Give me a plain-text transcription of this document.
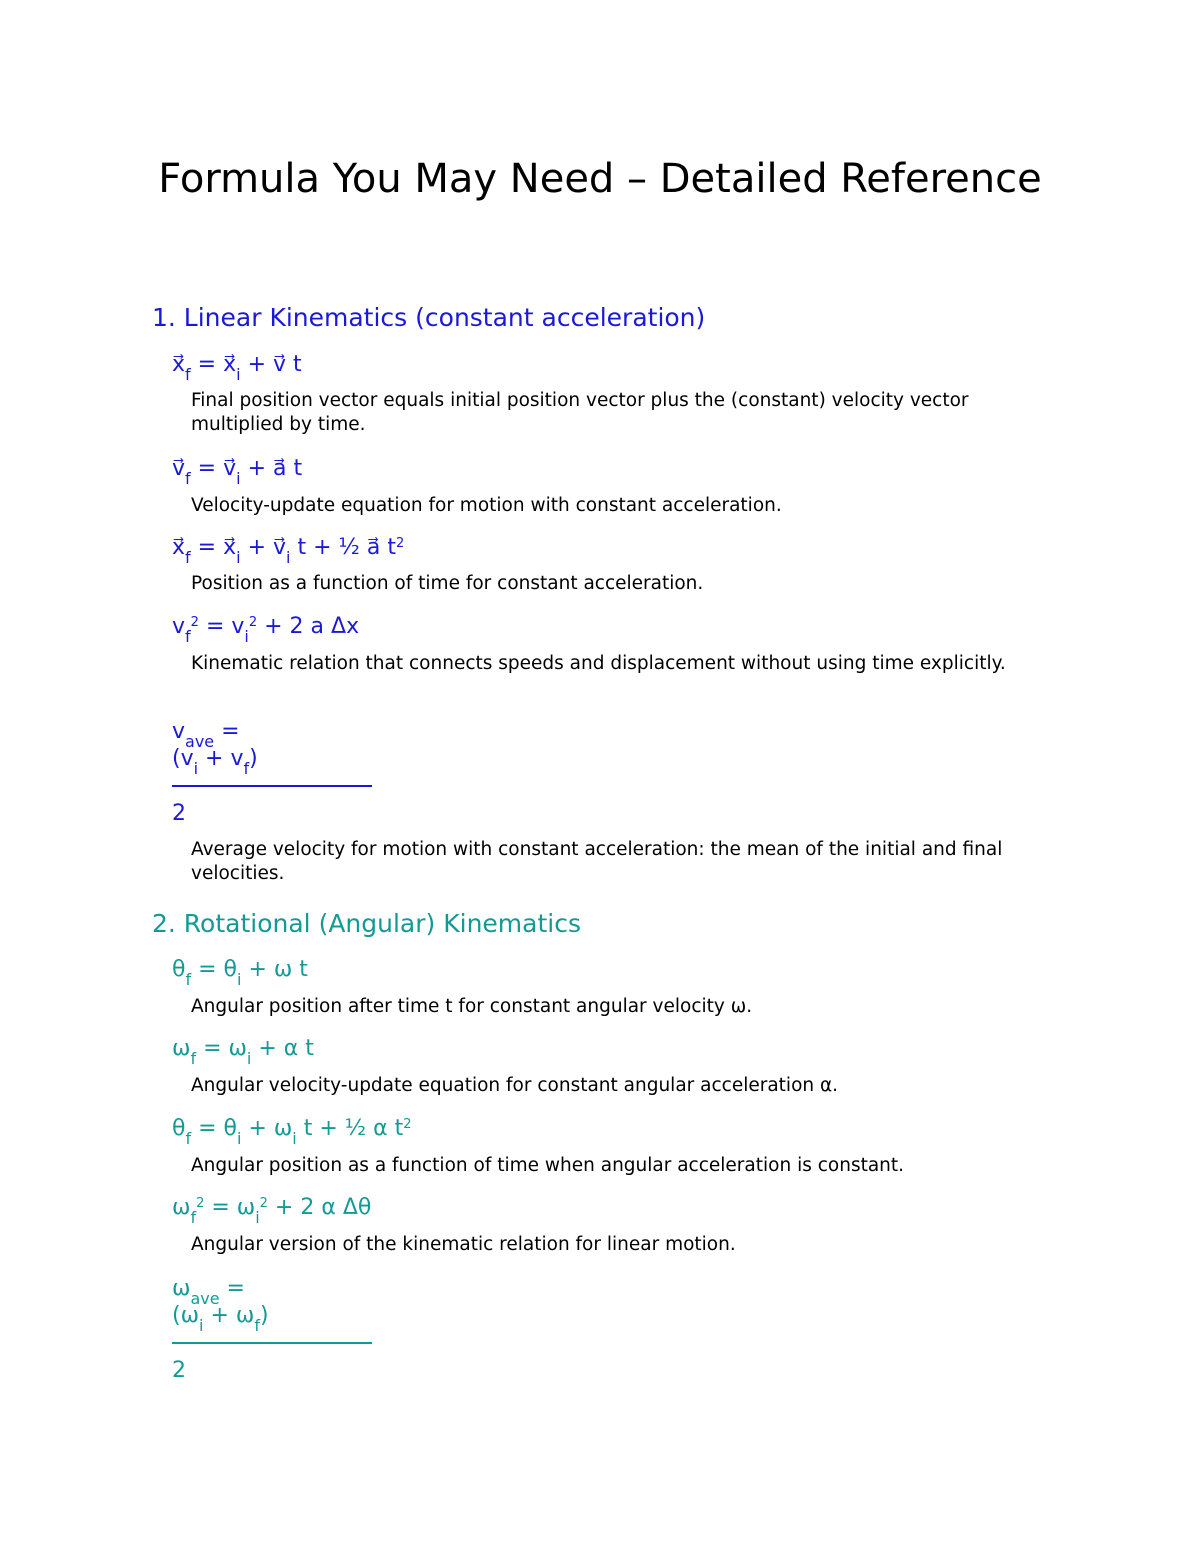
Formula You May Need – Detailed Reference
1. Linear Kinematics (constant acceleration)
$x⃗_f$ = $x⃗_i$ + v⃗ t
Final position vector equals initial position vector plus the (constant) velocity vector multiplied by time.
$v⃗_f$ = $v⃗_i$ + a⃗ t
Velocity-update equation for motion with constant acceleration.
$x⃗_f$ = $x⃗_i$ + $v⃗_i$ t + ½ a⃗ $t^2$
Position as a function of time for constant acceleration.
$v_f^2 = v_i^2 + 2$ a Δx
Kinematic relation that connects speeds and displacement without using time explicitly.
$v_{ave}$ =
$(v_i + v_f)$
2
Average velocity for motion with constant acceleration: the mean of the initial and final velocities.
2. Rotational (Angular) Kinematics
$\theta_f = \theta_i + \omega$ t
Angular position after time t for constant angular velocity ω.
$\omega_f = \omega_i + \alpha$ t
Angular velocity-update equation for constant angular acceleration α.
$\theta_f = \theta_i + \omega_i$ t + ½ α $t^2$
Angular position as a function of time when angular acceleration is constant.
$\omega_f^2 = \omega_i^2 + 2$ α Δθ
Angular version of the kinematic relation for linear motion.
$\omega_{ave}$ =
$(\omega_i + \omega_f)$
2
